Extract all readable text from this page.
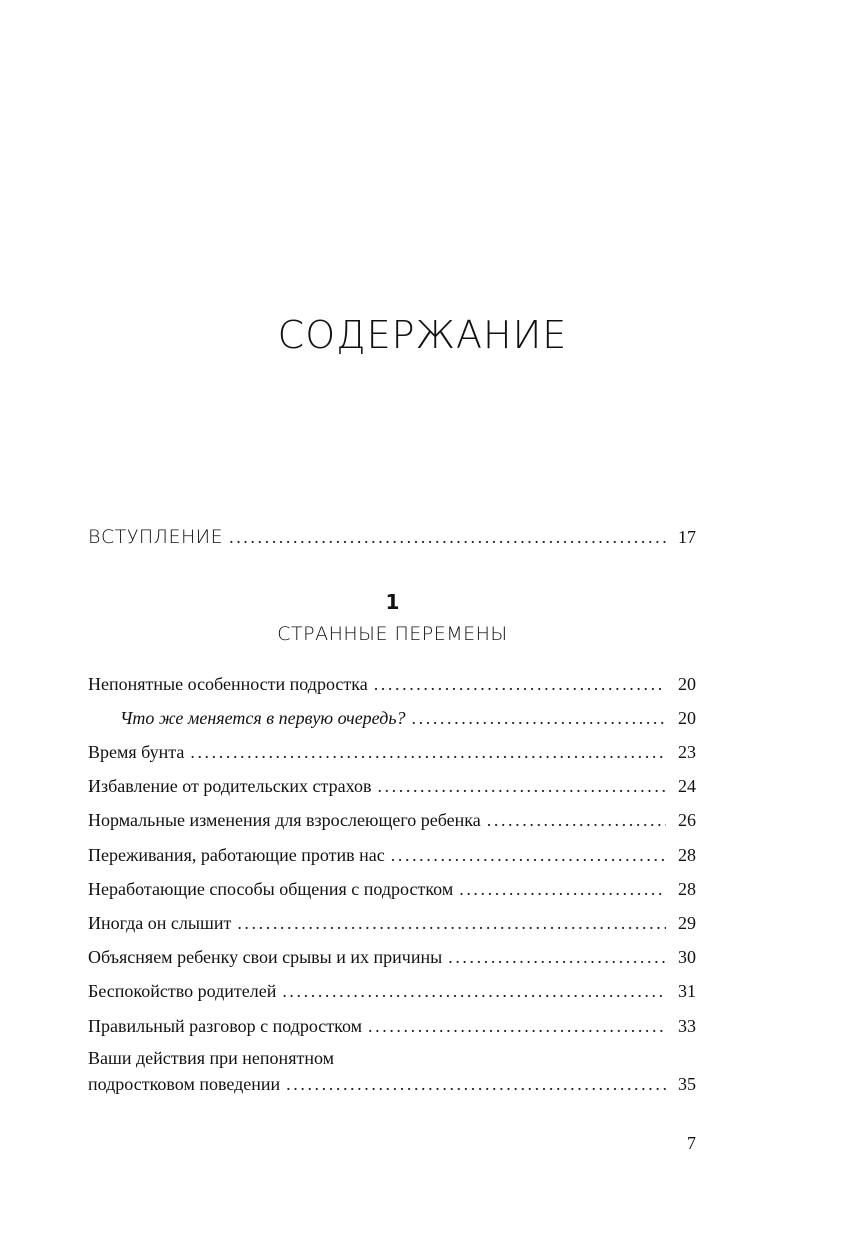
СОДЕРЖАНИЕ
ВСТУПЛЕНИЕ .....	17
1
СТРАННЫЕ ПЕРЕМЕНЫ
Непонятные особенности подростка .....	20
Что же меняется в первую очередь? .....	20
Время бунта .....	23
Избавление от родительских страхов .....	24
Нормальные изменения для взрослеющего ребенка .....	26
Переживания, работающие против нас .....	28
Неработающие способы общения с подростком .....	28
Иногда он слышит .....	29
Объясняем ребенку свои срывы и их причины .....	30
Беспокойство родителей .....	31
Правильный разговор с подростком .....	33
Ваши действия при непонятном
подростковом поведении .....	35
7
